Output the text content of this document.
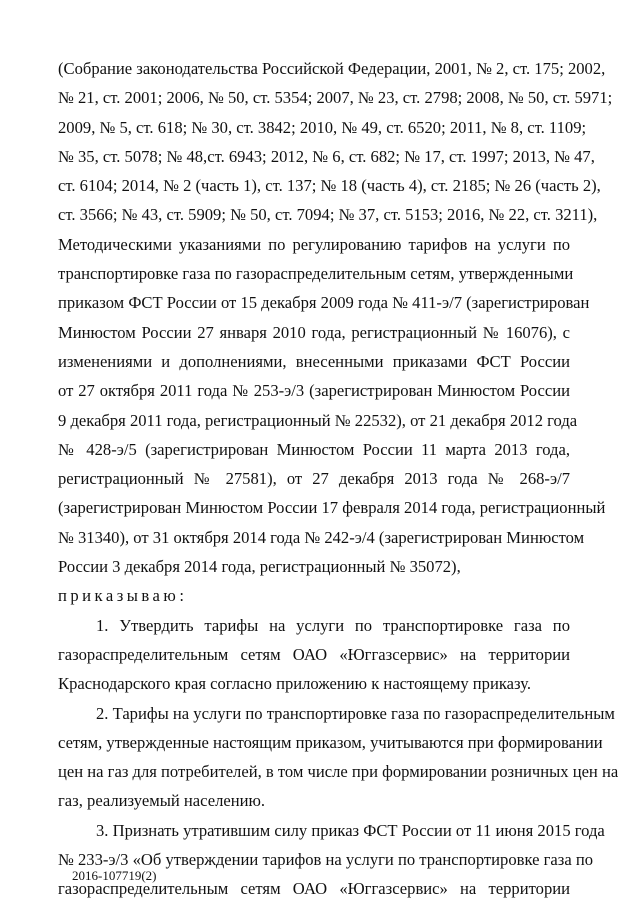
(Собрание законодательства Российской Федерации, 2001, № 2, ст. 175; 2002,
№ 21, ст. 2001; 2006, № 50, ст. 5354; 2007, № 23, ст. 2798; 2008, № 50, ст. 5971;
2009, № 5, ст. 618; № 30, ст. 3842; 2010, № 49, ст. 6520; 2011, № 8, ст. 1109;
№ 35, ст. 5078; № 48,ст. 6943; 2012, № 6, ст. 682; № 17, ст. 1997; 2013, № 47,
ст. 6104; 2014, № 2 (часть 1), ст. 137; № 18 (часть 4), ст. 2185; № 26 (часть 2),
ст. 3566; № 43, ст. 5909; № 50, ст. 7094; № 37, ст. 5153; 2016, № 22, ст. 3211),
Методическими указаниями по регулированию тарифов на услуги по
транспортировке газа по газораспределительным сетям, утвержденными
приказом ФСТ России от 15 декабря 2009 года № 411-э/7 (зарегистрирован
Минюстом России 27 января 2010 года, регистрационный № 16076), с
изменениями и дополнениями, внесенными приказами ФСТ России
от 27 октября 2011 года № 253-э/3 (зарегистрирован Минюстом России
9 декабря 2011 года, регистрационный № 22532), от 21 декабря 2012 года
№ 428-э/5 (зарегистрирован Минюстом России 11 марта 2013 года,
регистрационный № 27581), от 27 декабря 2013 года № 268-э/7
(зарегистрирован Минюстом России 17 февраля 2014 года, регистрационный
№ 31340), от 31 октября 2014 года № 242-э/4 (зарегистрирован Минюстом
России 3 декабря 2014 года, регистрационный № 35072),
приказываю:
1. Утвердить тарифы на услуги по транспортировке газа по
газораспределительным сетям ОАО «Юггазсервис» на территории
Краснодарского края согласно приложению к настоящему приказу.
2. Тарифы на услуги по транспортировке газа по газораспределительным
сетям, утвержденные настоящим приказом, учитываются при формировании
цен на газ для потребителей, в том числе при формировании розничных цен на
газ, реализуемый населению.
3. Признать утратившим силу приказ ФСТ России от 11 июня 2015 года
№ 233-э/3 «Об утверждении тарифов на услуги по транспортировке газа по
газораспределительным сетям ОАО «Юггазсервис» на территории
2016-107719(2)
